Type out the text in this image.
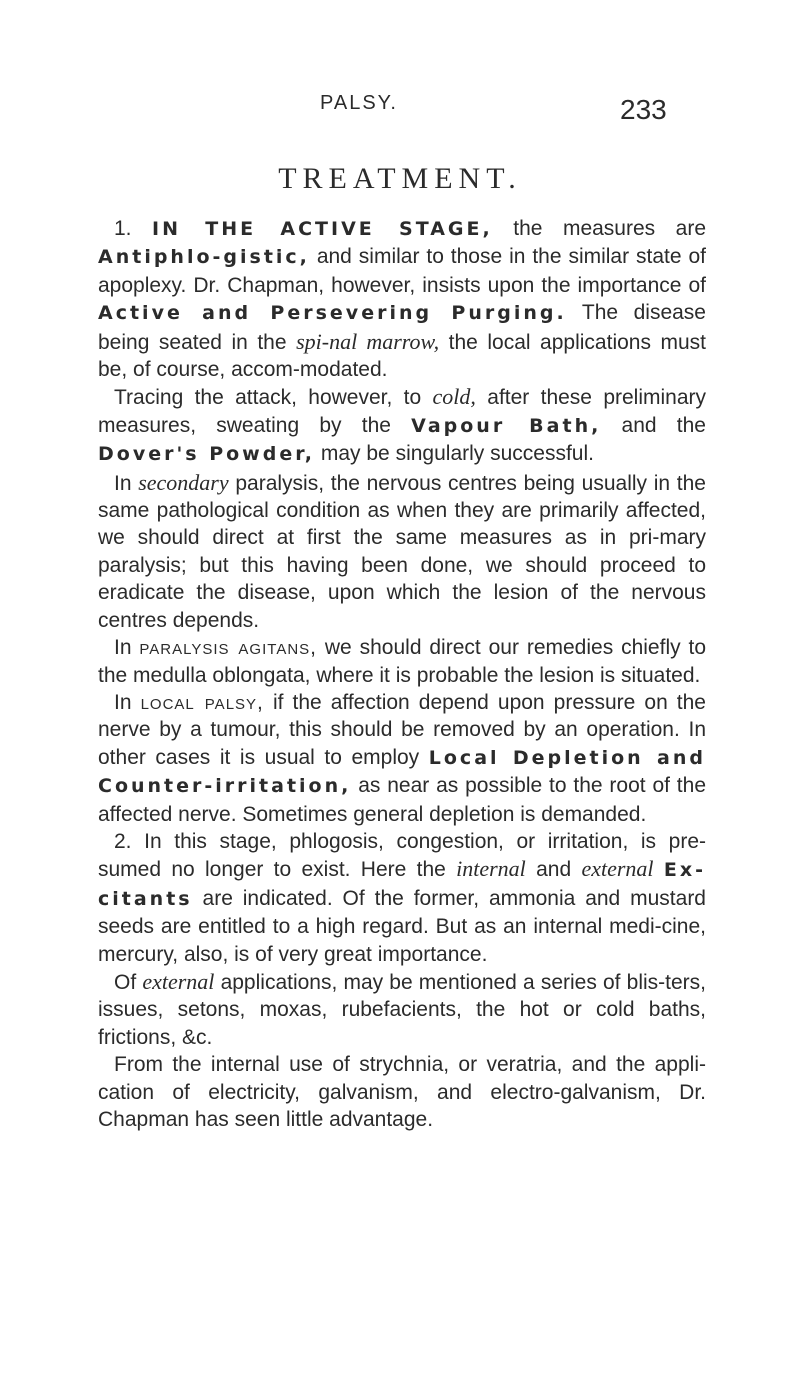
PALSY.	233
TREATMENT.

1. IN THE ACTIVE STAGE, the measures are Antiphlo-gistic, and similar to those in the similar state of apoplexy. Dr. Chapman, however, insists upon the importance of Active and Persevering Purging. The disease being seated in the spi-nal marrow, the local applications must be, of course, accom-modated.

Tracing the attack, however, to cold, after these preliminary measures, sweating by the Vapour Bath, and the Dover's Powder, may be singularly successful.

In secondary paralysis, the nervous centres being usually in the same pathological condition as when they are primarily affected, we should direct at first the same measures as in pri-mary paralysis; but this having been done, we should proceed to eradicate the disease, upon which the lesion of the nervous centres depends.

In paralysis agitans, we should direct our remedies chiefly to the medulla oblongata, where it is probable the lesion is situated.

In local palsy, if the affection depend upon pressure on the nerve by a tumour, this should be removed by an operation. In other cases it is usual to employ Local Depletion and Counter-irritation, as near as possible to the root of the affected nerve. Sometimes general depletion is demanded.

2. In this stage, phlogosis, congestion, or irritation, is pre-sumed no longer to exist. Here the internal and external Ex-citants are indicated. Of the former, ammonia and mustard seeds are entitled to a high regard. But as an internal medi-cine, mercury, also, is of very great importance.

Of external applications, may be mentioned a series of blis-ters, issues, setons, moxas, rubefacients, the hot or cold baths, frictions, &c.

From the internal use of strychnia, or veratria, and the appli-cation of electricity, galvanism, and electro-galvanism, Dr. Chapman has seen little advantage.
